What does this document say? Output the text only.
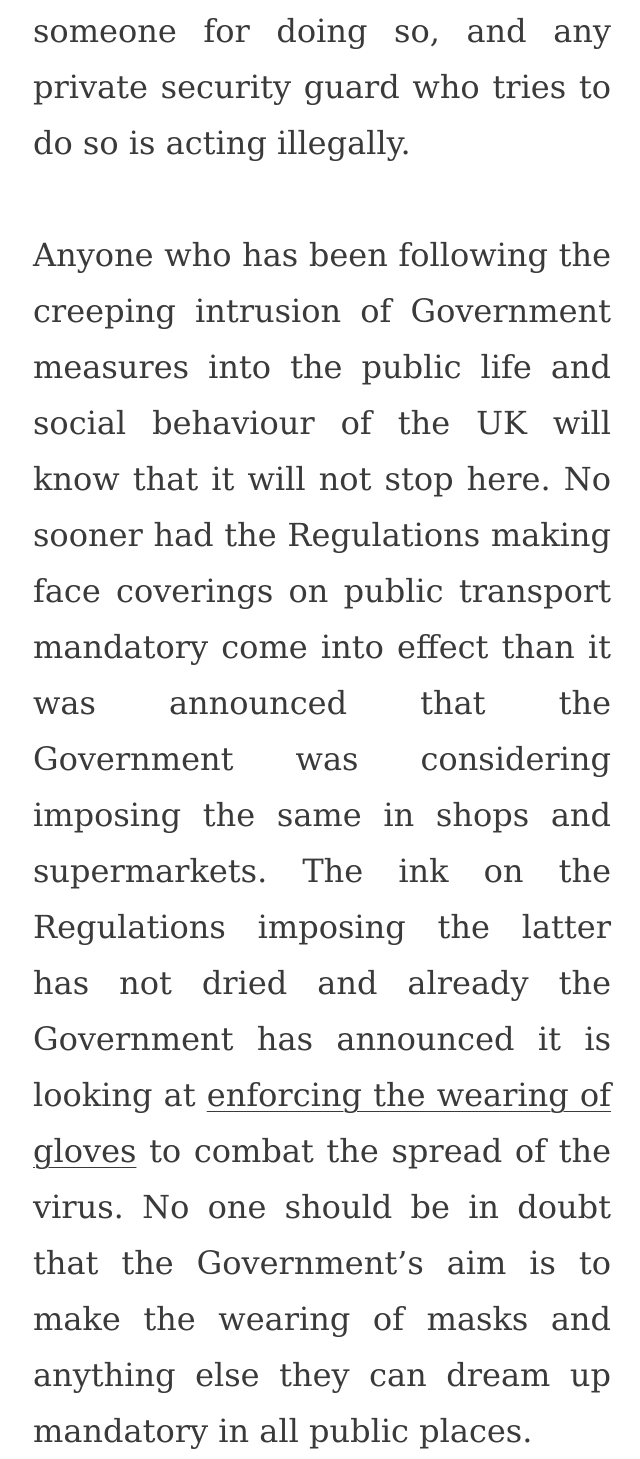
someone for doing so, and any private security guard who tries to do so is acting illegally.

Anyone who has been following the creeping intrusion of Government measures into the public life and social behaviour of the UK will know that it will not stop here. No sooner had the Regulations making face coverings on public transport mandatory come into effect than it was announced that the Government was considering imposing the same in shops and supermarkets. The ink on the Regulations imposing the latter has not dried and already the Government has announced it is looking at enforcing the wearing of gloves to combat the spread of the virus. No one should be in doubt that the Government’s aim is to make the wearing of masks and anything else they can dream up mandatory in all public places.
